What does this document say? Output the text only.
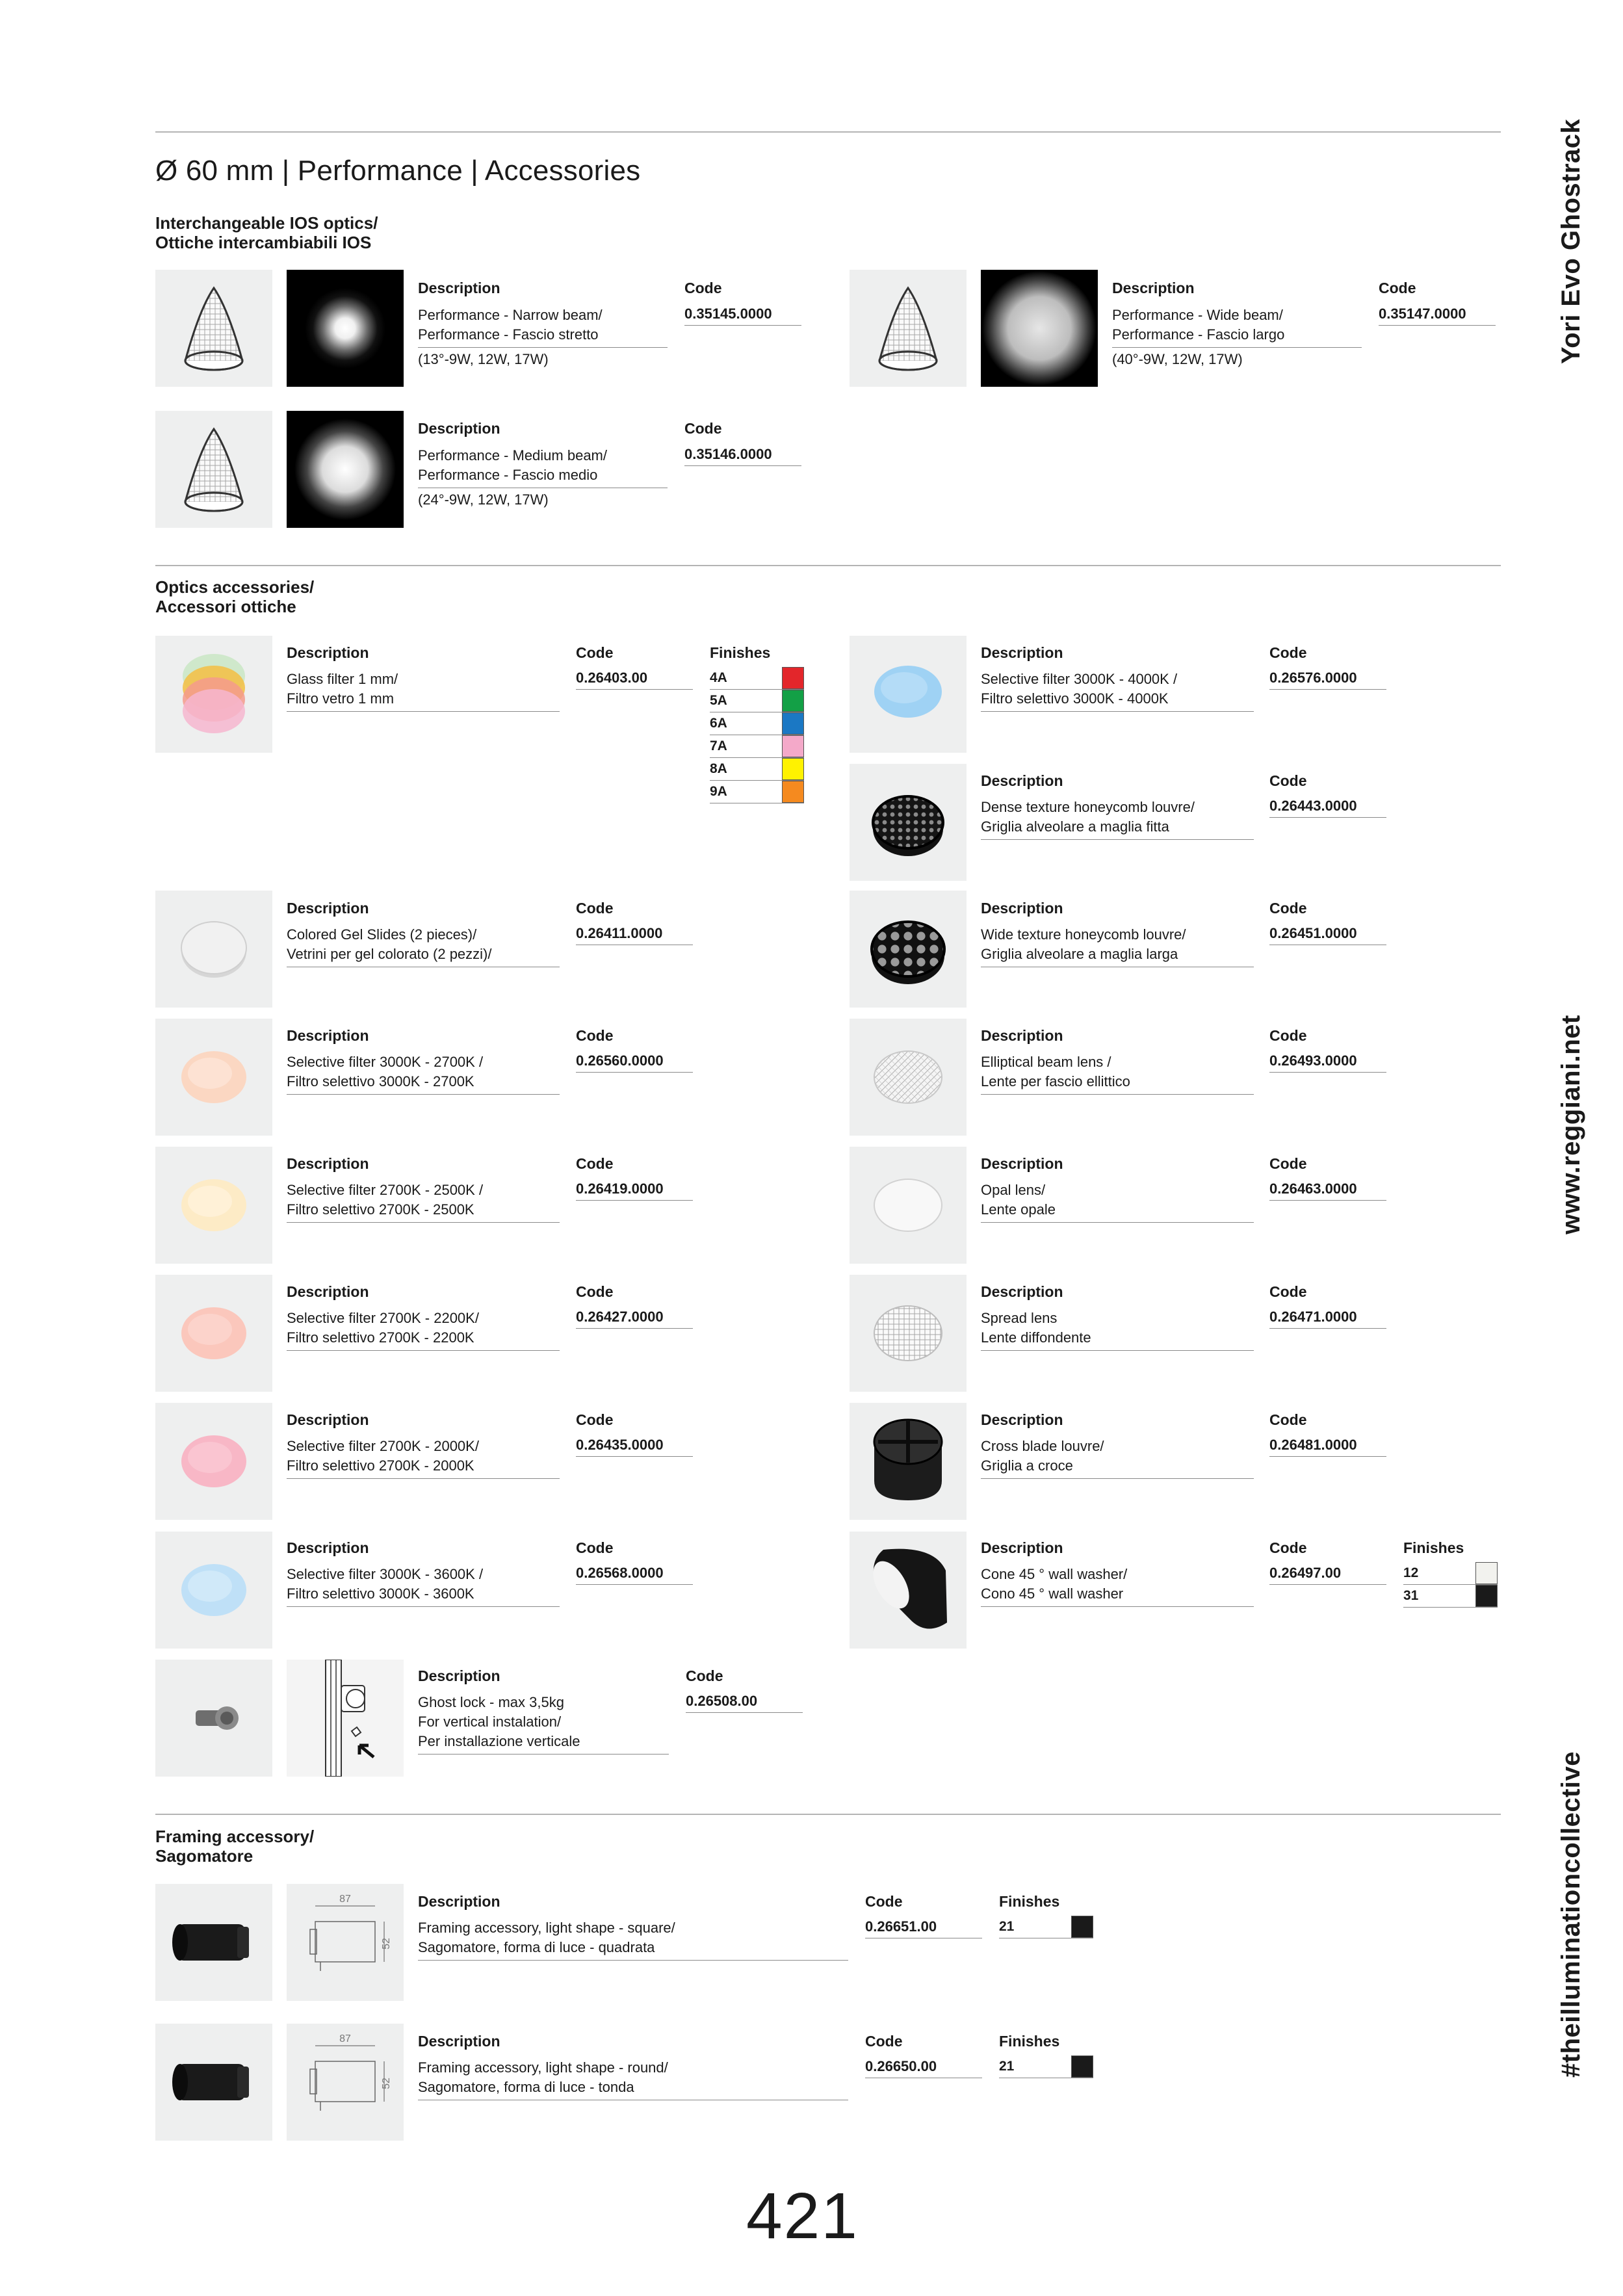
Ø 60 mm | Performance | Accessories
Interchangeable IOS optics/
Ottiche intercambiabili IOS
Description
Performance - Narrow beam/
Performance - Fascio stretto
(13°-9W, 12W, 17W)
Code
0.35145.0000
Description
Performance - Wide beam/
Performance - Fascio largo
(40°-9W, 12W, 17W)
Code
0.35147.0000
Description
Performance - Medium beam/
Performance - Fascio medio
(24°-9W, 12W, 17W)
Code
0.35146.0000
Optics accessories/
Accessori ottiche
Description
Glass filter 1 mm/
Filtro vetro 1 mm
Code
0.26403.00
Finishes
4A
5A
6A
7A
8A
9A
Description
Colored Gel Slides (2 pieces)/
Vetrini per gel colorato (2 pezzi)/
Code
0.26411.0000
Description
Selective filter 3000K - 2700K /
Filtro selettivo 3000K - 2700K
Code
0.26560.0000
Description
Selective filter 2700K - 2500K /
Filtro selettivo 2700K - 2500K
Code
0.26419.0000
Description
Selective filter 2700K - 2200K/
Filtro selettivo 2700K - 2200K
Code
0.26427.0000
Description
Selective filter 2700K - 2000K/
Filtro selettivo 2700K - 2000K
Code
0.26435.0000
Description
Selective filter 3000K - 3600K /
Filtro selettivo 3000K - 3600K
Code
0.26568.0000
Description
Ghost lock - max 3,5kg
For vertical instalation/
Per installazione verticale
Code
0.26508.00
Description
Selective filter 3000K - 4000K /
Filtro selettivo 3000K - 4000K
Code
0.26576.0000
Description
Dense texture honeycomb louvre/
Griglia alveolare a maglia fitta
Code
0.26443.0000
Description
Wide texture honeycomb louvre/
Griglia alveolare a maglia larga
Code
0.26451.0000
Description
Elliptical beam lens /
Lente per fascio ellittico
Code
0.26493.0000
Description
Opal lens/
Lente opale
Code
0.26463.0000
Description
Spread lens
Lente diffondente
Code
0.26471.0000
Description
Cross blade louvre/
Griglia a croce
Code
0.26481.0000
Description
Cone 45 ° wall washer/
Cono 45 ° wall washer
Code
0.26497.00
Finishes
12
31
Framing accessory/
Sagomatore
87
52
Description
Framing accessory, light shape - square/
Sagomatore, forma di luce - quadrata
Code
0.26651.00
Finishes
21
87
52
Description
Framing accessory, light shape - round/
Sagomatore, forma di luce - tonda
Code
0.26650.00
Finishes
21
Yori Evo Ghostrack
www.reggiani.net
#theilluminationcollective
421
